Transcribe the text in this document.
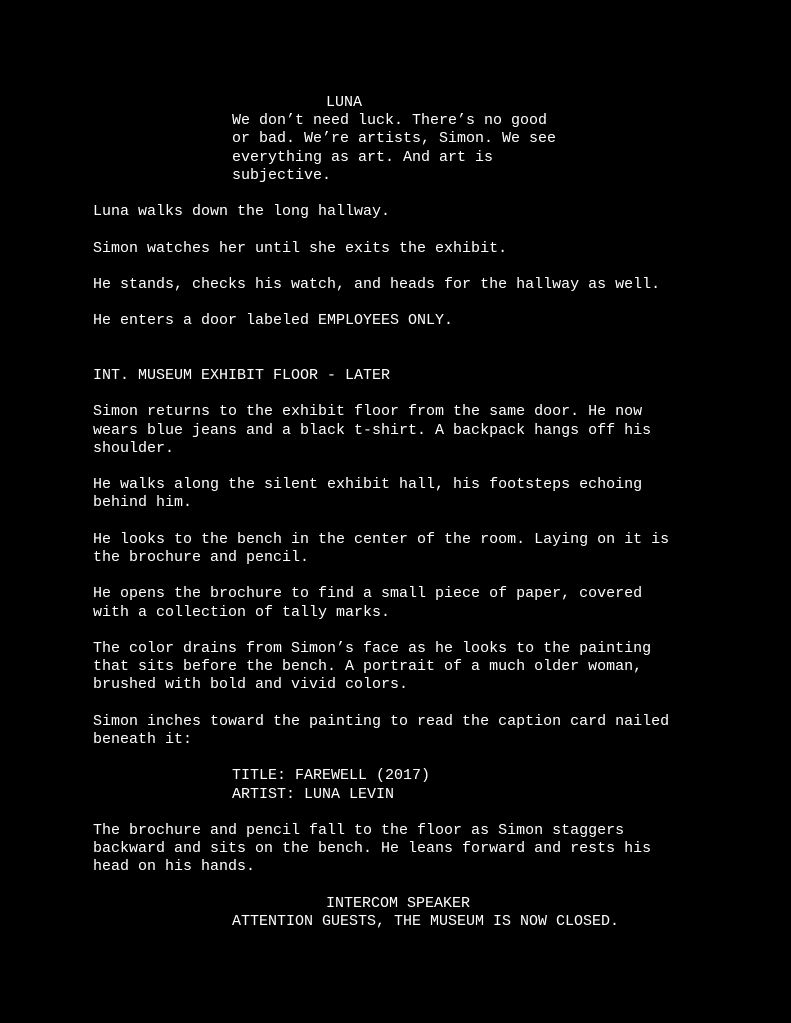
LUNA

We don’t need luck. There’s no good
or bad. We’re artists, Simon. We see
everything as art. And art is
subjective.

Luna walks down the long hallway.

Simon watches her until she exits the exhibit.

He stands, checks his watch, and heads for the hallway as well.

He enters a door labeled EMPLOYEES ONLY.

INT. MUSEUM EXHIBIT FLOOR - LATER

Simon returns to the exhibit floor from the same door. He now
wears blue jeans and a black t-shirt. A backpack hangs off his
shoulder.

He walks along the silent exhibit hall, his footsteps echoing
behind him.

He looks to the bench in the center of the room. Laying on it is
the brochure and pencil.

He opens the brochure to find a small piece of paper, covered
with a collection of tally marks.

The color drains from Simon’s face as he looks to the painting
that sits before the bench. A portrait of a much older woman,
brushed with bold and vivid colors.

Simon inches toward the painting to read the caption card nailed
beneath it:

TITLE: FAREWELL (2017)

ARTIST: LUNA LEVIN

The brochure and pencil fall to the floor as Simon staggers
backward and sits on the bench. He leans forward and rests his
head on his hands.

INTERCOM SPEAKER

ATTENTION GUESTS, THE MUSEUM IS NOW CLOSED.
